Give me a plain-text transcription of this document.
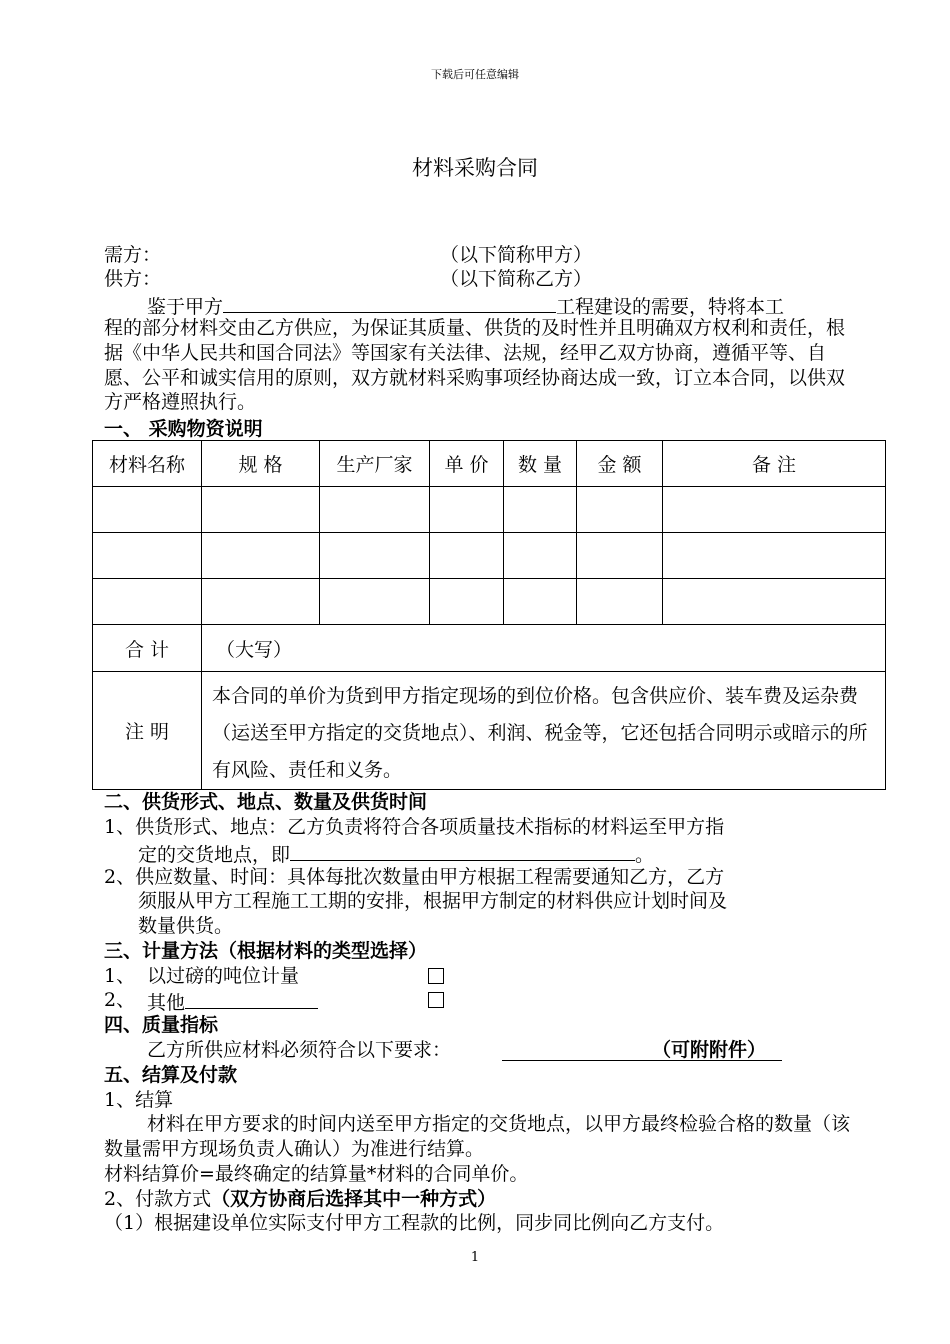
下载后可任意编辑
材料采购合同
需方：	（以下简称甲方）
供方：	（以下简称乙方）
鉴于甲方	工程建设的需要，特将本工
程的部分材料交由乙方供应，为保证其质量、供货的及时性并且明确双方权利和责任，根据《中华人民共和国合同法》等国家有关法律、法规，经甲乙双方协商，遵循平等、自愿、公平和诚实信用的原则，双方就材料采购事项经协商达成一致，订立本合同，以供双方严格遵照执行。
一、 采购物资说明
材料名称	规 格	生产厂家	单 价	数 量	金 额	备 注

合 计	（大写）					
注 明	本合同的单价为货到甲方指定现场的到位价格。包含供应价、装车费及运杂费（运送至甲方指定的交货地点）、利润、税金等，它还包括合同明示或暗示的所有风险、责任和义务。					
二、供货形式、地点、数量及供货时间
1、供货形式、地点：乙方负责将符合各项质量技术指标的材料运至甲方指
定的交货地点，即	。
2、供应数量、时间：具体每批次数量由甲方根据工程需要通知乙方，乙方
须服从甲方工程施工工期的安排，根据甲方制定的材料供应计划时间及
数量供货。
三、计量方法（根据材料的类型选择）
1、 以过磅的吨位计量
2、 其他
四、质量指标
乙方所供应材料必须符合以下要求：	（可附附件）
五、结算及付款
1、结算
材料在甲方要求的时间内送至甲方指定的交货地点，以甲方最终检验合格的数量（该数量需甲方现场负责人确认）为准进行结算。
材料结算价=最终确定的结算量*材料的合同单价。
2、付款方式（双方协商后选择其中一种方式）
（1）根据建设单位实际支付甲方工程款的比例，同步同比例向乙方支付。
1
